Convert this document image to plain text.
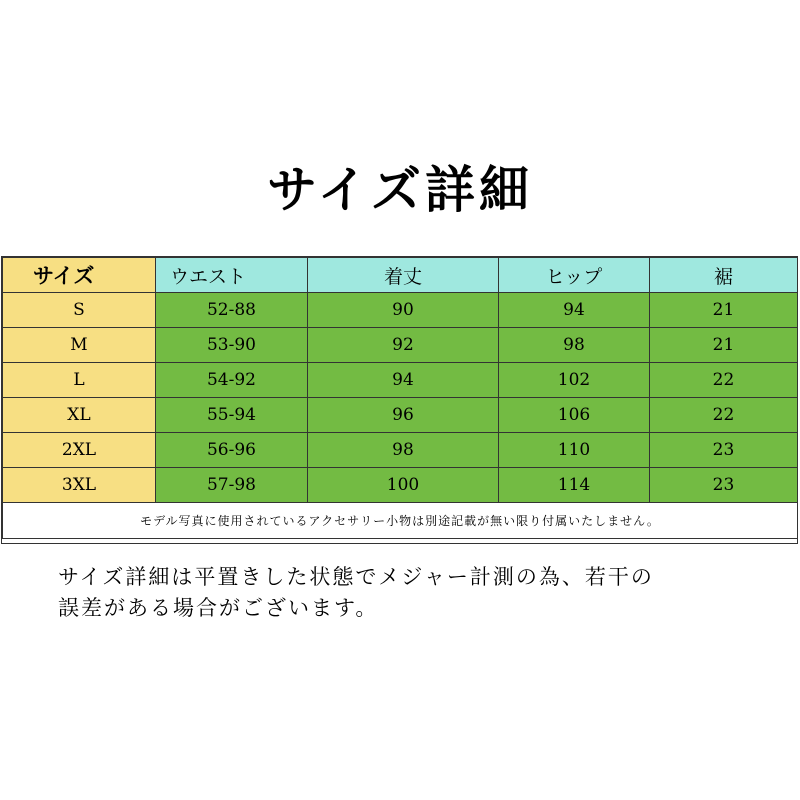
サイズ詳細
サイズ	ウエスト	着丈	ヒップ	裾
S	52-88	90	94	21
M	53-90	92	98	21
L	54-92	94	102	22
XL	55-94	96	106	22
2XL	56-96	98	110	23
3XL	57-98	100	114	23
モデル写真に使用されているアクセサリー小物は別途記載が無い限り付属いたしません。				
サイズ詳細は平置きした状態でメジャー計測の為、若干の
誤差がある場合がございます。
